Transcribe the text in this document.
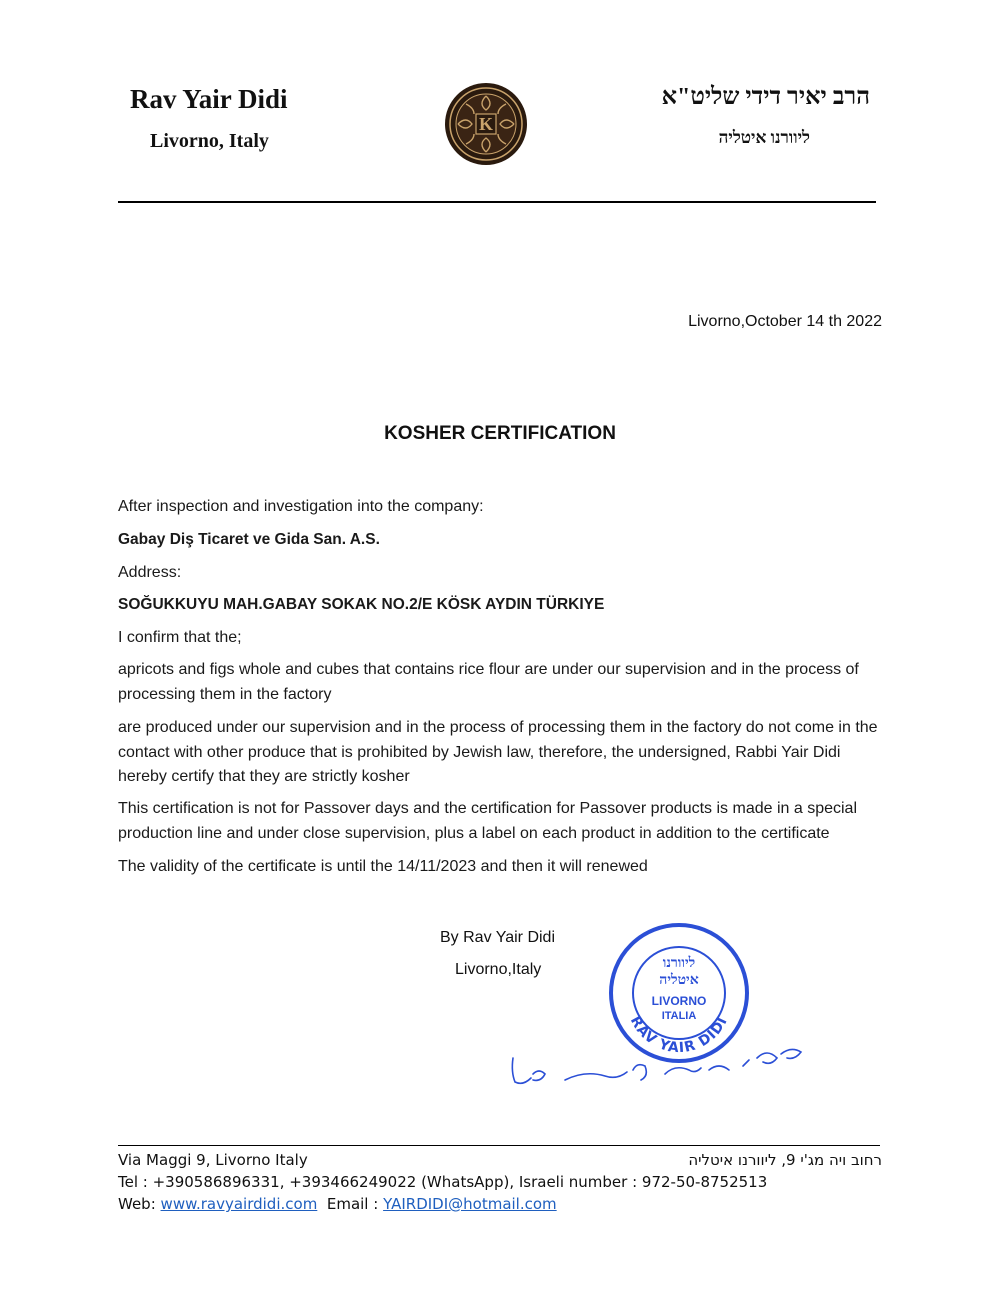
Rav Yair Didi
Livorno, Italy
K
הרב יאיר דידי שליט"א
ליוורנו איטליה
Livorno,October 14 th 2022
KOSHER CERTIFICATION
After inspection and investigation into the company:
Gabay Diş Ticaret ve Gida San. A.S.
Address:
SOĞUKKUYU MAH.GABAY SOKAK NO.2/E KÖSK AYDIN TÜRKIYE
I confirm that the;
apricots and figs whole and cubes that contains rice flour are under our supervision and in the process of processing them in the factory
are produced under our supervision and in the process of processing them in the factory do not come in the contact with other produce that is prohibited by Jewish law, therefore, the undersigned, Rabbi Yair Didi hereby certify that they are strictly kosher
This certification is not for Passover days and the certification for Passover products is made in a special production line and under close supervision, plus a label on each product in addition to the certificate
The validity of the certificate is until the 14/11/2023 and then it will renewed
By Rav Yair Didi
Livorno,Italy
RAV YAIR DIDI
ליוורנו
איטליה
LIVORNO
ITALIA
Via Maggi 9, Livorno Italy	רחוב ויה מג'י 9, ליוורנו איטליה
Tel : +390586896331, +393466249022 (WhatsApp), Israeli number : 972-50-8752513
Web: www.ravyairdidi.com Email : YAIRDIDI@hotmail.com
